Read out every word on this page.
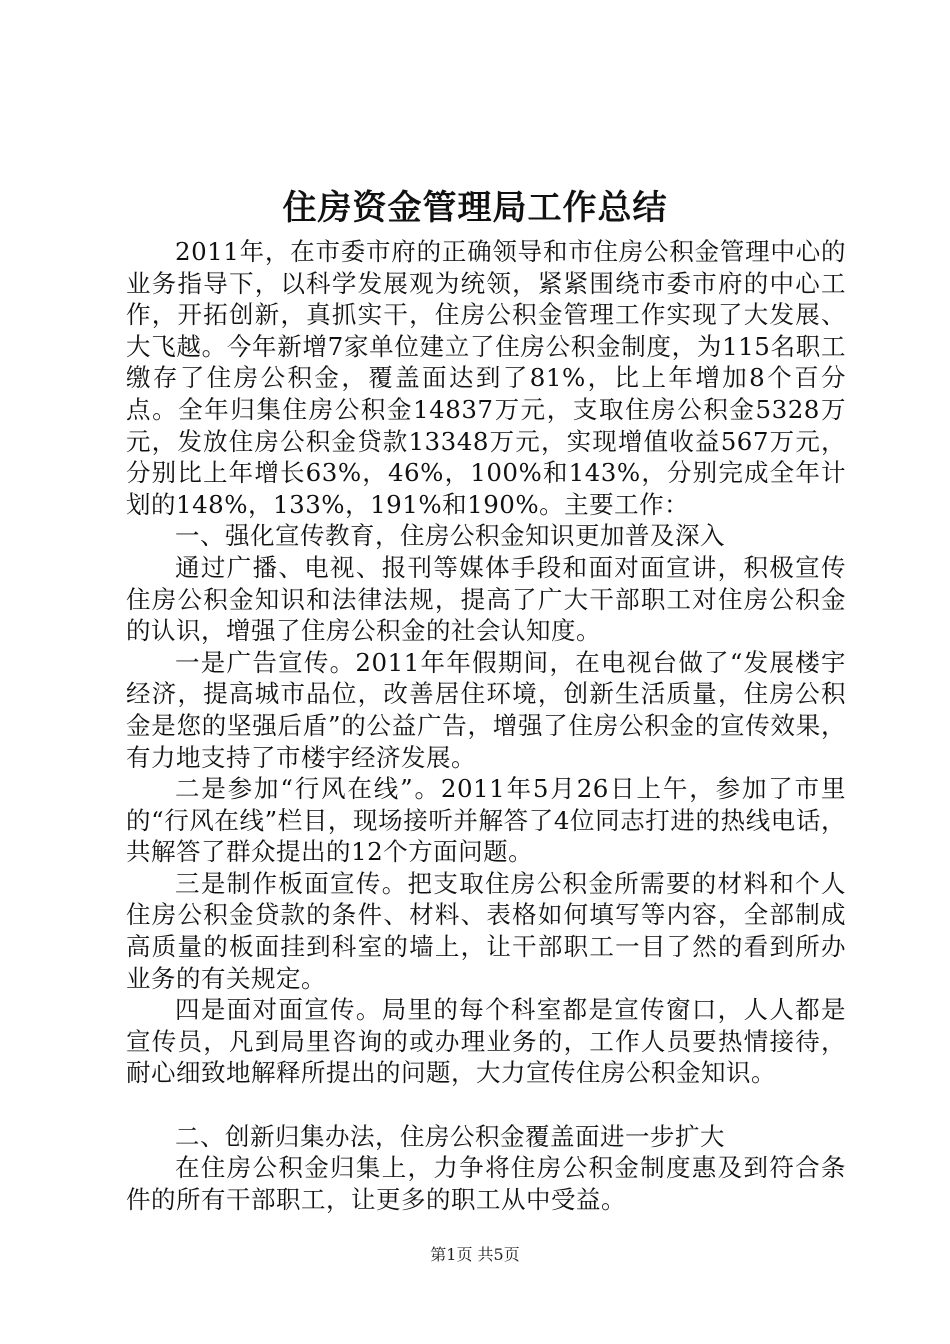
住房资金管理局工作总结

2011年，在市委市府的正确领导和市住房公积金管理中心的业务指导下，以科学发展观为统领，紧紧围绕市委市府的中心工作，开拓创新，真抓实干，住房公积金管理工作实现了大发展、大飞越。今年新增7家单位建立了住房公积金制度，为115名职工缴存了住房公积金，覆盖面达到了81%，比上年增加8个百分点。全年归集住房公积金14837万元，支取住房公积金5328万元，发放住房公积金贷款13348万元，实现增值收益567万元，分别比上年增长63%，46%，100%和143%，分别完成全年计划的148%，133%，191%和190%。主要工作：

一、强化宣传教育，住房公积金知识更加普及深入

通过广播、电视、报刊等媒体手段和面对面宣讲，积极宣传住房公积金知识和法律法规，提高了广大干部职工对住房公积金的认识，增强了住房公积金的社会认知度。

一是广告宣传。2011年年假期间，在电视台做了“发展楼宇经济，提高城市品位，改善居住环境，创新生活质量，住房公积金是您的坚强后盾”的公益广告，增强了住房公积金的宣传效果，有力地支持了市楼宇经济发展。

二是参加“行风在线”。2011年5月26日上午，参加了市里的“行风在线”栏目，现场接听并解答了4位同志打进的热线电话，共解答了群众提出的12个方面问题。

三是制作板面宣传。把支取住房公积金所需要的材料和个人住房公积金贷款的条件、材料、表格如何填写等内容，全部制成高质量的板面挂到科室的墙上，让干部职工一目了然的看到所办业务的有关规定。

四是面对面宣传。局里的每个科室都是宣传窗口，人人都是宣传员，凡到局里咨询的或办理业务的，工作人员要热情接待，耐心细致地解释所提出的问题，大力宣传住房公积金知识。

二、创新归集办法，住房公积金覆盖面进一步扩大

在住房公积金归集上，力争将住房公积金制度惠及到符合条件的所有干部职工，让更多的职工从中受益。

第1页 共5页
